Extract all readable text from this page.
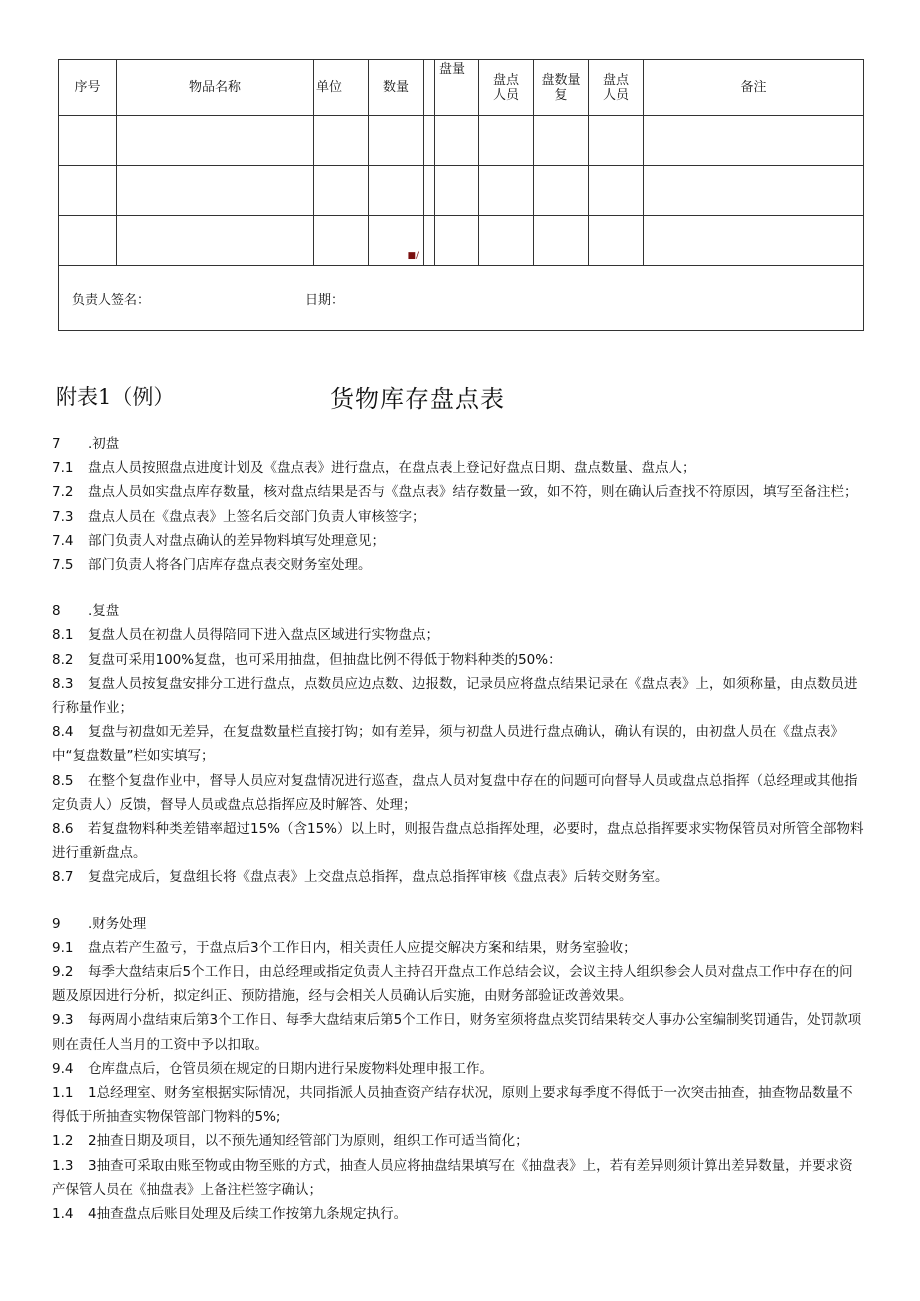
序号	物品名称	单位	数量		盘量	盘点人员	盘数量复	盘点人员	备注

			■/						

负责人签名： 日期：									
附表1（例）	货物库存盘点表

7 .初盘

7.1 盘点人员按照盘点进度计划及《盘点表》进行盘点，在盘点表上登记好盘点日期、盘点数量、盘点人；

7.2 盘点人员如实盘点库存数量，核对盘点结果是否与《盘点表》结存数量一致，如不符，则在确认后查找不符原因，填写至备注栏；

7.3 盘点人员在《盘点表》上签名后交部门负责人审核签字；

7.4 部门负责人对盘点确认的差异物料填写处理意见；

7.5 部门负责人将各门店库存盘点表交财务室处理。

8 .复盘

8.1 复盘人员在初盘人员得陪同下进入盘点区域进行实物盘点；

8.2 复盘可采用100%复盘，也可采用抽盘，但抽盘比例不得低于物料种类的50%：

8.3 复盘人员按复盘安排分工进行盘点，点数员应边点数、边报数，记录员应将盘点结果记录在《盘点表》上，如须称量，由点数员进行称量作业；

8.4 复盘与初盘如无差异，在复盘数量栏直接打钩；如有差异，须与初盘人员进行盘点确认，确认有误的，由初盘人员在《盘点表》中“复盘数量”栏如实填写；

8.5 在整个复盘作业中，督导人员应对复盘情况进行巡查，盘点人员对复盘中存在的问题可向督导人员或盘点总指挥（总经理或其他指定负责人）反馈，督导人员或盘点总指挥应及时解答、处理；

8.6 若复盘物料种类差错率超过15%（含15%）以上时，则报告盘点总指挥处理，必要时，盘点总指挥要求实物保管员对所管全部物料进行重新盘点。

8.7 复盘完成后，复盘组长将《盘点表》上交盘点总指挥，盘点总指挥审核《盘点表》后转交财务室。

9 .财务处理

9.1 盘点若产生盈亏，于盘点后3个工作日内，相关责任人应提交解决方案和结果，财务室验收；

9.2 每季大盘结束后5个工作日，由总经理或指定负责人主持召开盘点工作总结会议，会议主持人组织参会人员对盘点工作中存在的问题及原因进行分析，拟定纠正、预防措施，经与会相关人员确认后实施，由财务部验证改善效果。

9.3 每两周小盘结束后第3个工作日、每季大盘结束后第5个工作日，财务室须将盘点奖罚结果转交人事办公室编制奖罚通告，处罚款项则在责任人当月的工资中予以扣取。

9.4 仓库盘点后，仓管员须在规定的日期内进行呆废物料处理申报工作。

1.1 1总经理室、财务室根据实际情况，共同指派人员抽查资产结存状况，原则上要求每季度不得低于一次突击抽查，抽查物品数量不得低于所抽查实物保管部门物料的5%;

1.2 2抽查日期及项目，以不预先通知经管部门为原则，组织工作可适当简化；

1.3 3抽查可采取由账至物或由物至账的方式，抽查人员应将抽盘结果填写在《抽盘表》上，若有差异则须计算出差异数量，并要求资产保管人员在《抽盘表》上备注栏签字确认；

1.4 4抽查盘点后账目处理及后续工作按第九条规定执行。
